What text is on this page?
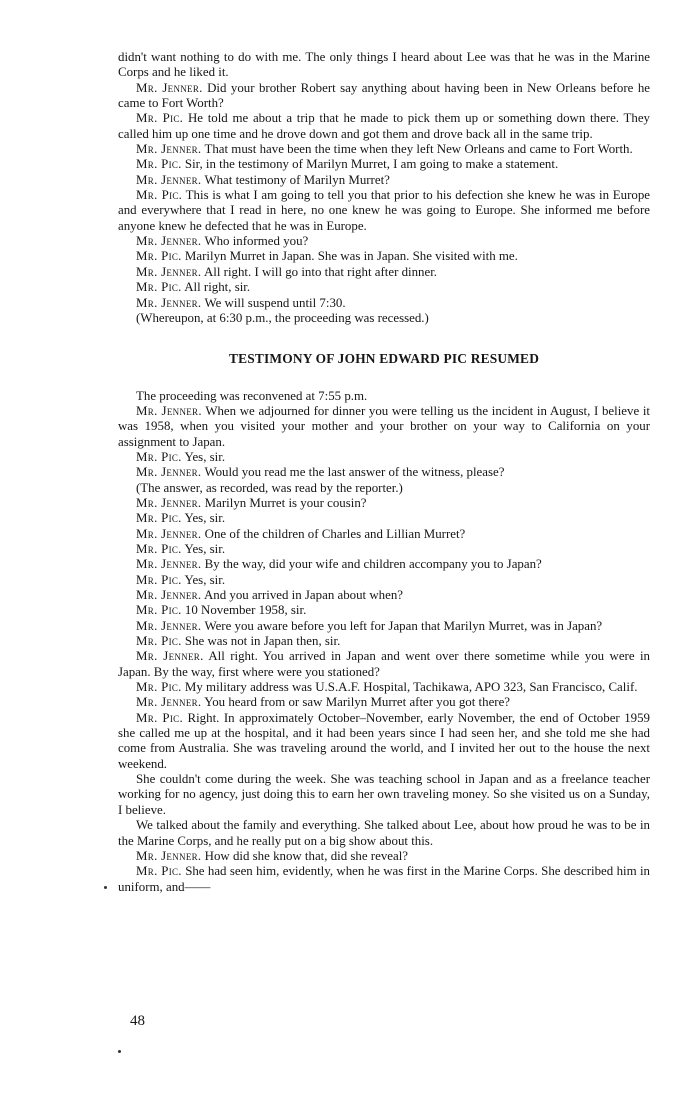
didn't want nothing to do with me. The only things I heard about Lee was that he was in the Marine Corps and he liked it.

Mr. Jenner. Did your brother Robert say anything about having been in New Orleans before he came to Fort Worth?

Mr. Pic. He told me about a trip that he made to pick them up or something down there. They called him up one time and he drove down and got them and drove back all in the same trip.

Mr. Jenner. That must have been the time when they left New Orleans and came to Fort Worth.

Mr. Pic. Sir, in the testimony of Marilyn Murret, I am going to make a statement.

Mr. Jenner. What testimony of Marilyn Murret?

Mr. Pic. This is what I am going to tell you that prior to his defection she knew he was in Europe and everywhere that I read in here, no one knew he was going to Europe. She informed me before anyone knew he defected that he was in Europe.

Mr. Jenner. Who informed you?

Mr. Pic. Marilyn Murret in Japan. She was in Japan. She visited with me.

Mr. Jenner. All right. I will go into that right after dinner.

Mr. Pic. All right, sir.

Mr. Jenner. We will suspend until 7:30.

(Whereupon, at 6:30 p.m., the proceeding was recessed.)

TESTIMONY OF JOHN EDWARD PIC RESUMED

The proceeding was reconvened at 7:55 p.m.

Mr. Jenner. When we adjourned for dinner you were telling us the incident in August, I believe it was 1958, when you visited your mother and your brother on your way to California on your assignment to Japan.

Mr. Pic. Yes, sir.

Mr. Jenner. Would you read me the last answer of the witness, please?

(The answer, as recorded, was read by the reporter.)

Mr. Jenner. Marilyn Murret is your cousin?

Mr. Pic. Yes, sir.

Mr. Jenner. One of the children of Charles and Lillian Murret?

Mr. Pic. Yes, sir.

Mr. Jenner. By the way, did your wife and children accompany you to Japan?

Mr. Pic. Yes, sir.

Mr. Jenner. And you arrived in Japan about when?

Mr. Pic. 10 November 1958, sir.

Mr. Jenner. Were you aware before you left for Japan that Marilyn Murret, was in Japan?

Mr. Pic. She was not in Japan then, sir.

Mr. Jenner. All right. You arrived in Japan and went over there sometime while you were in Japan. By the way, first where were you stationed?

Mr. Pic. My military address was U.S.A.F. Hospital, Tachikawa, APO 323, San Francisco, Calif.

Mr. Jenner. You heard from or saw Marilyn Murret after you got there?

Mr. Pic. Right. In approximately October–November, early November, the end of October 1959 she called me up at the hospital, and it had been years since I had seen her, and she told me she had come from Australia. She was traveling around the world, and I invited her out to the house the next weekend.

She couldn't come during the week. She was teaching school in Japan and as a freelance teacher working for no agency, just doing this to earn her own traveling money. So she visited us on a Sunday, I believe.

We talked about the family and everything. She talked about Lee, about how proud he was to be in the Marine Corps, and he really put on a big show about this.

Mr. Jenner. How did she know that, did she reveal?

Mr. Pic. She had seen him, evidently, when he was first in the Marine Corps. She described him in uniform, and——

48
